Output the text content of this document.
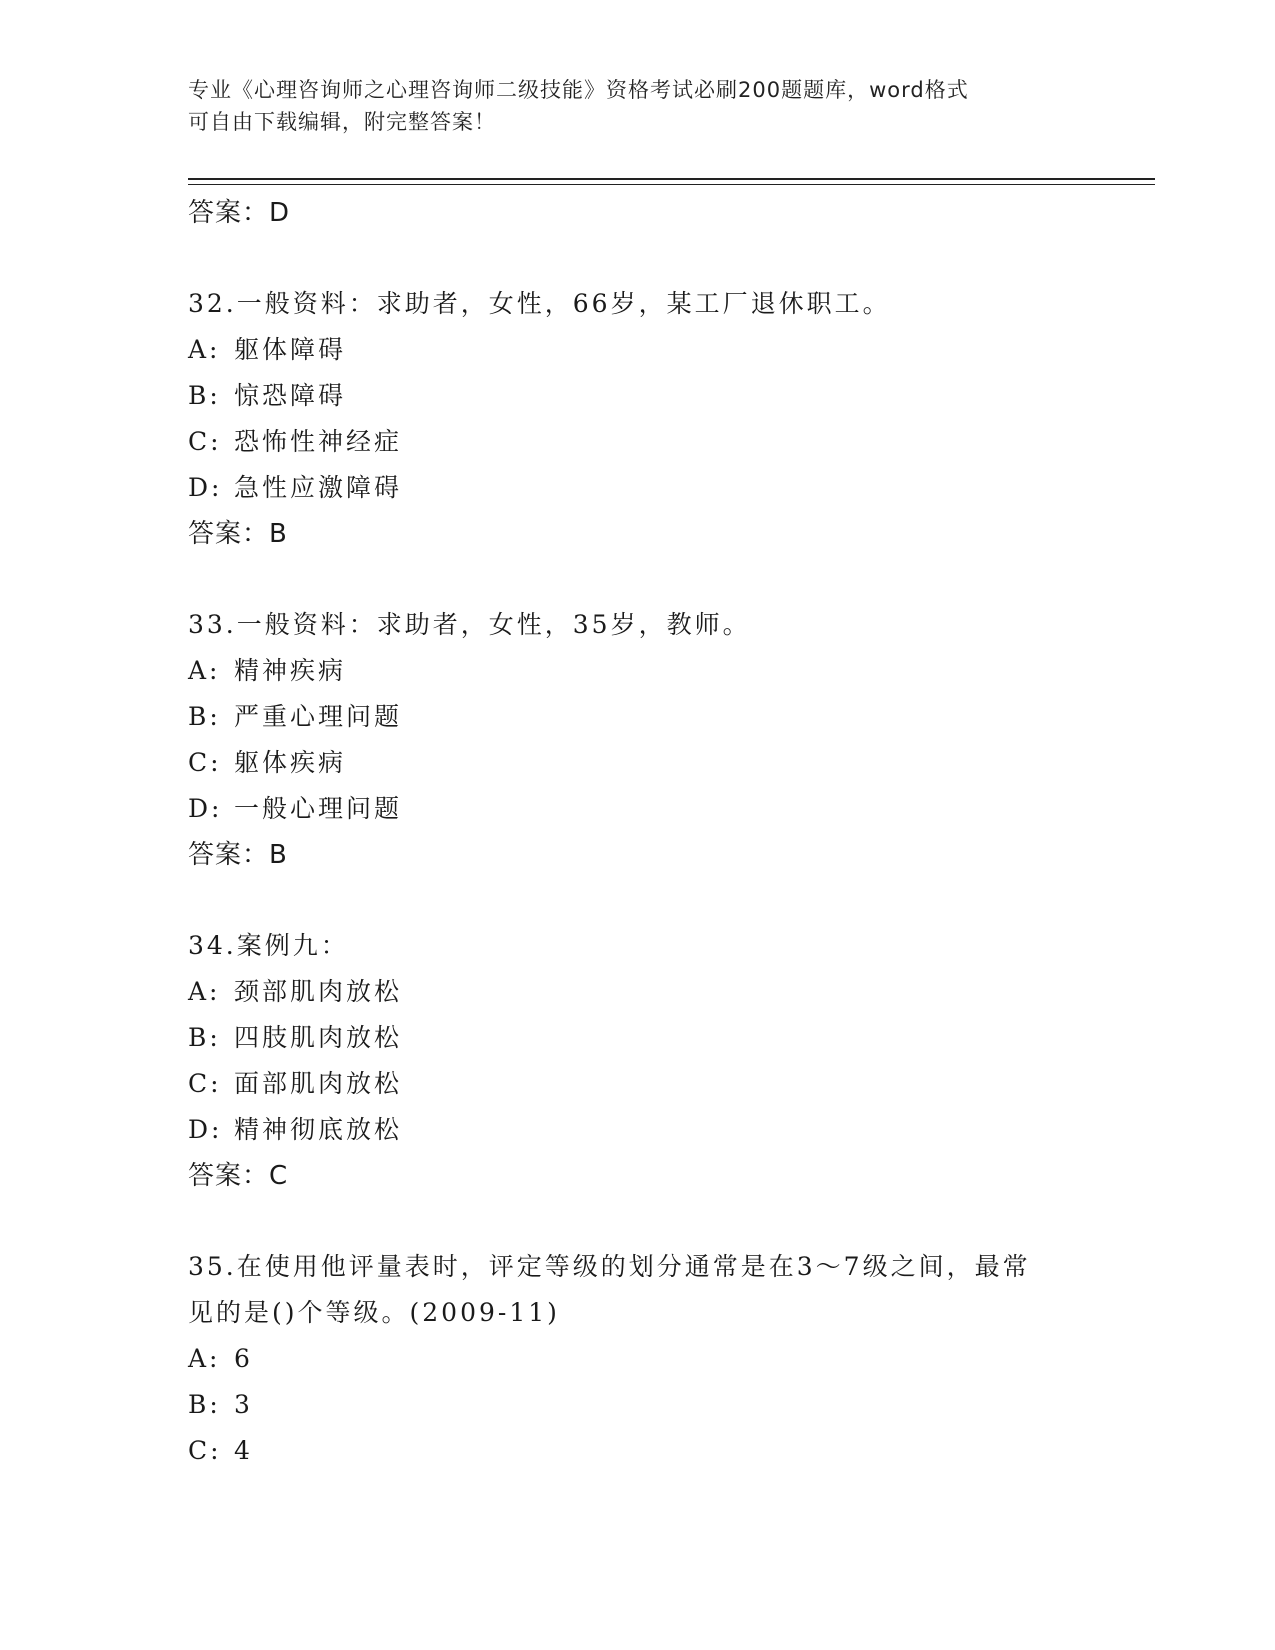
专业《心理咨询师之心理咨询师二级技能》资格考试必刷200题题库，word格式
可自由下载编辑，附完整答案！
答案：D
32.一般资料：求助者，女性，66岁，某工厂退休职工。
A: 躯体障碍
B: 惊恐障碍
C: 恐怖性神经症
D: 急性应激障碍
答案：B
33.一般资料：求助者，女性，35岁，教师。
A: 精神疾病
B: 严重心理问题
C: 躯体疾病
D: 一般心理问题
答案：B
34.案例九：
A: 颈部肌肉放松
B: 四肢肌肉放松
C: 面部肌肉放松
D: 精神彻底放松
答案：C
35.在使用他评量表时，评定等级的划分通常是在3～7级之间，最常
见的是()个等级。(2009-11)
A: 6
B: 3
C: 4
